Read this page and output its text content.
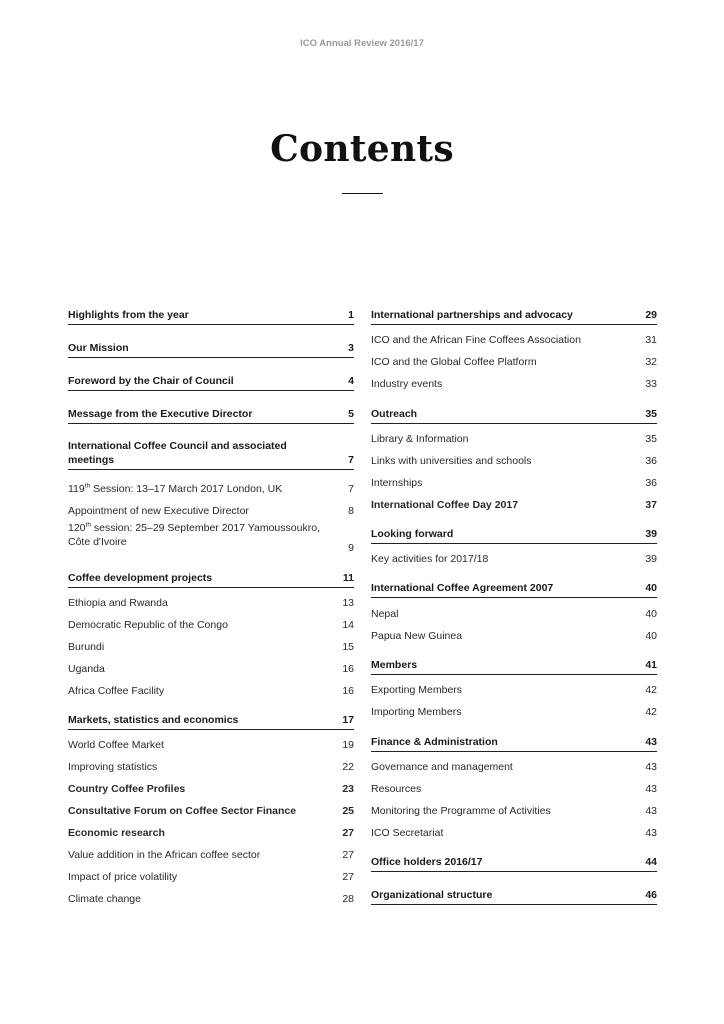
ICO Annual Review 2016/17
Contents
Highlights from the year	1
Our Mission	3
Foreword by the Chair of Council	4
Message from the Executive Director	5
International Coffee Council and associated meetings	7
119th Session: 13–17 March 2017 London, UK	7
Appointment of new Executive Director	8
120th session: 25–29 September 2017 Yamoussoukro, Côte d'Ivoire	9
Coffee development projects	11
Ethiopia and Rwanda	13
Democratic Republic of the Congo	14
Burundi	15
Uganda	16
Africa Coffee Facility	16
Markets, statistics and economics	17
World Coffee Market	19
Improving statistics	22
Country Coffee Profiles	23
Consultative Forum on Coffee Sector Finance	25
Economic research	27
Value addition in the African coffee sector	27
Impact of price volatility	27
Climate change	28
International partnerships and advocacy	29
ICO and the African Fine Coffees Association	31
ICO and the Global Coffee Platform	32
Industry events	33
Outreach	35
Library & Information	35
Links with universities and schools	36
Internships	36
International Coffee Day 2017	37
Looking forward	39
Key activities for 2017/18	39
International Coffee Agreement 2007	40
Nepal	40
Papua New Guinea	40
Members	41
Exporting Members	42
Importing Members	42
Finance & Administration	43
Governance and management	43
Resources	43
Monitoring the Programme of Activities	43
ICO Secretariat	43
Office holders 2016/17	44
Organizational structure	46
